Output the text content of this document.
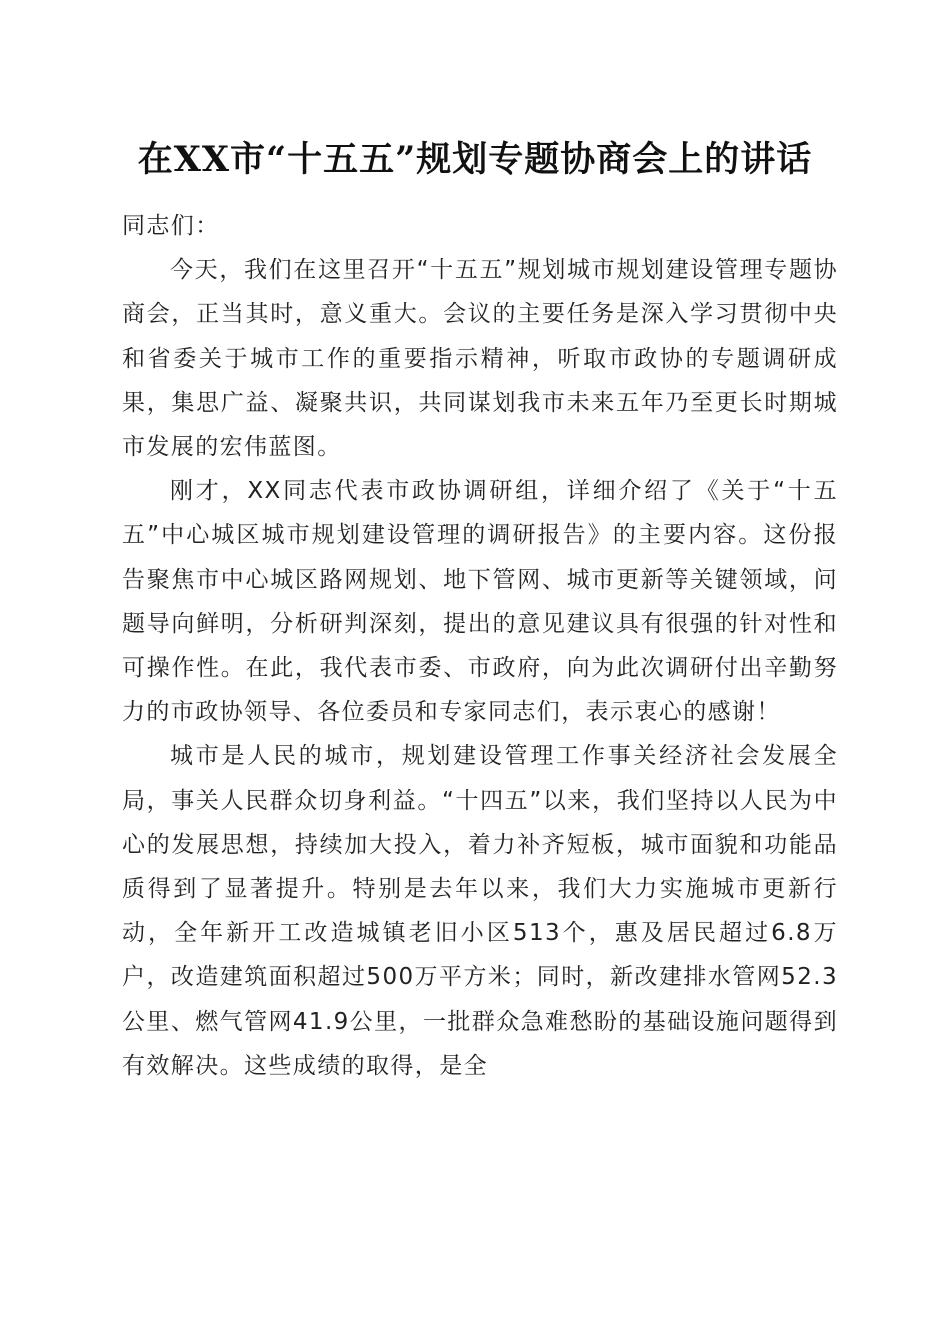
在XX市“十五五”规划专题协商会上的讲话

同志们：

今天，我们在这里召开“十五五”规划城市规划建设管理专题协商会，正当其时，意义重大。会议的主要任务是深入学习贯彻中央和省委关于城市工作的重要指示精神，听取市政协的专题调研成果，集思广益、凝聚共识，共同谋划我市未来五年乃至更长时期城市发展的宏伟蓝图。

刚才，XX同志代表市政协调研组，详细介绍了《关于“十五五”中心城区城市规划建设管理的调研报告》的主要内容。这份报告聚焦市中心城区路网规划、地下管网、城市更新等关键领域，问题导向鲜明，分析研判深刻，提出的意见建议具有很强的针对性和可操作性。在此，我代表市委、市政府，向为此次调研付出辛勤努力的市政协领导、各位委员和专家同志们，表示衷心的感谢！

城市是人民的城市，规划建设管理工作事关经济社会发展全局，事关人民群众切身利益。“十四五”以来，我们坚持以人民为中心的发展思想，持续加大投入，着力补齐短板，城市面貌和功能品质得到了显著提升。特别是去年以来，我们大力实施城市更新行动，全年新开工改造城镇老旧小区513个，惠及居民超过6.8万户，改造建筑面积超过500万平方米；同时，新改建排水管网52.3公里、燃气管网41.9公里，一批群众急难愁盼的基础设施问题得到有效解决。这些成绩的取得，是全
